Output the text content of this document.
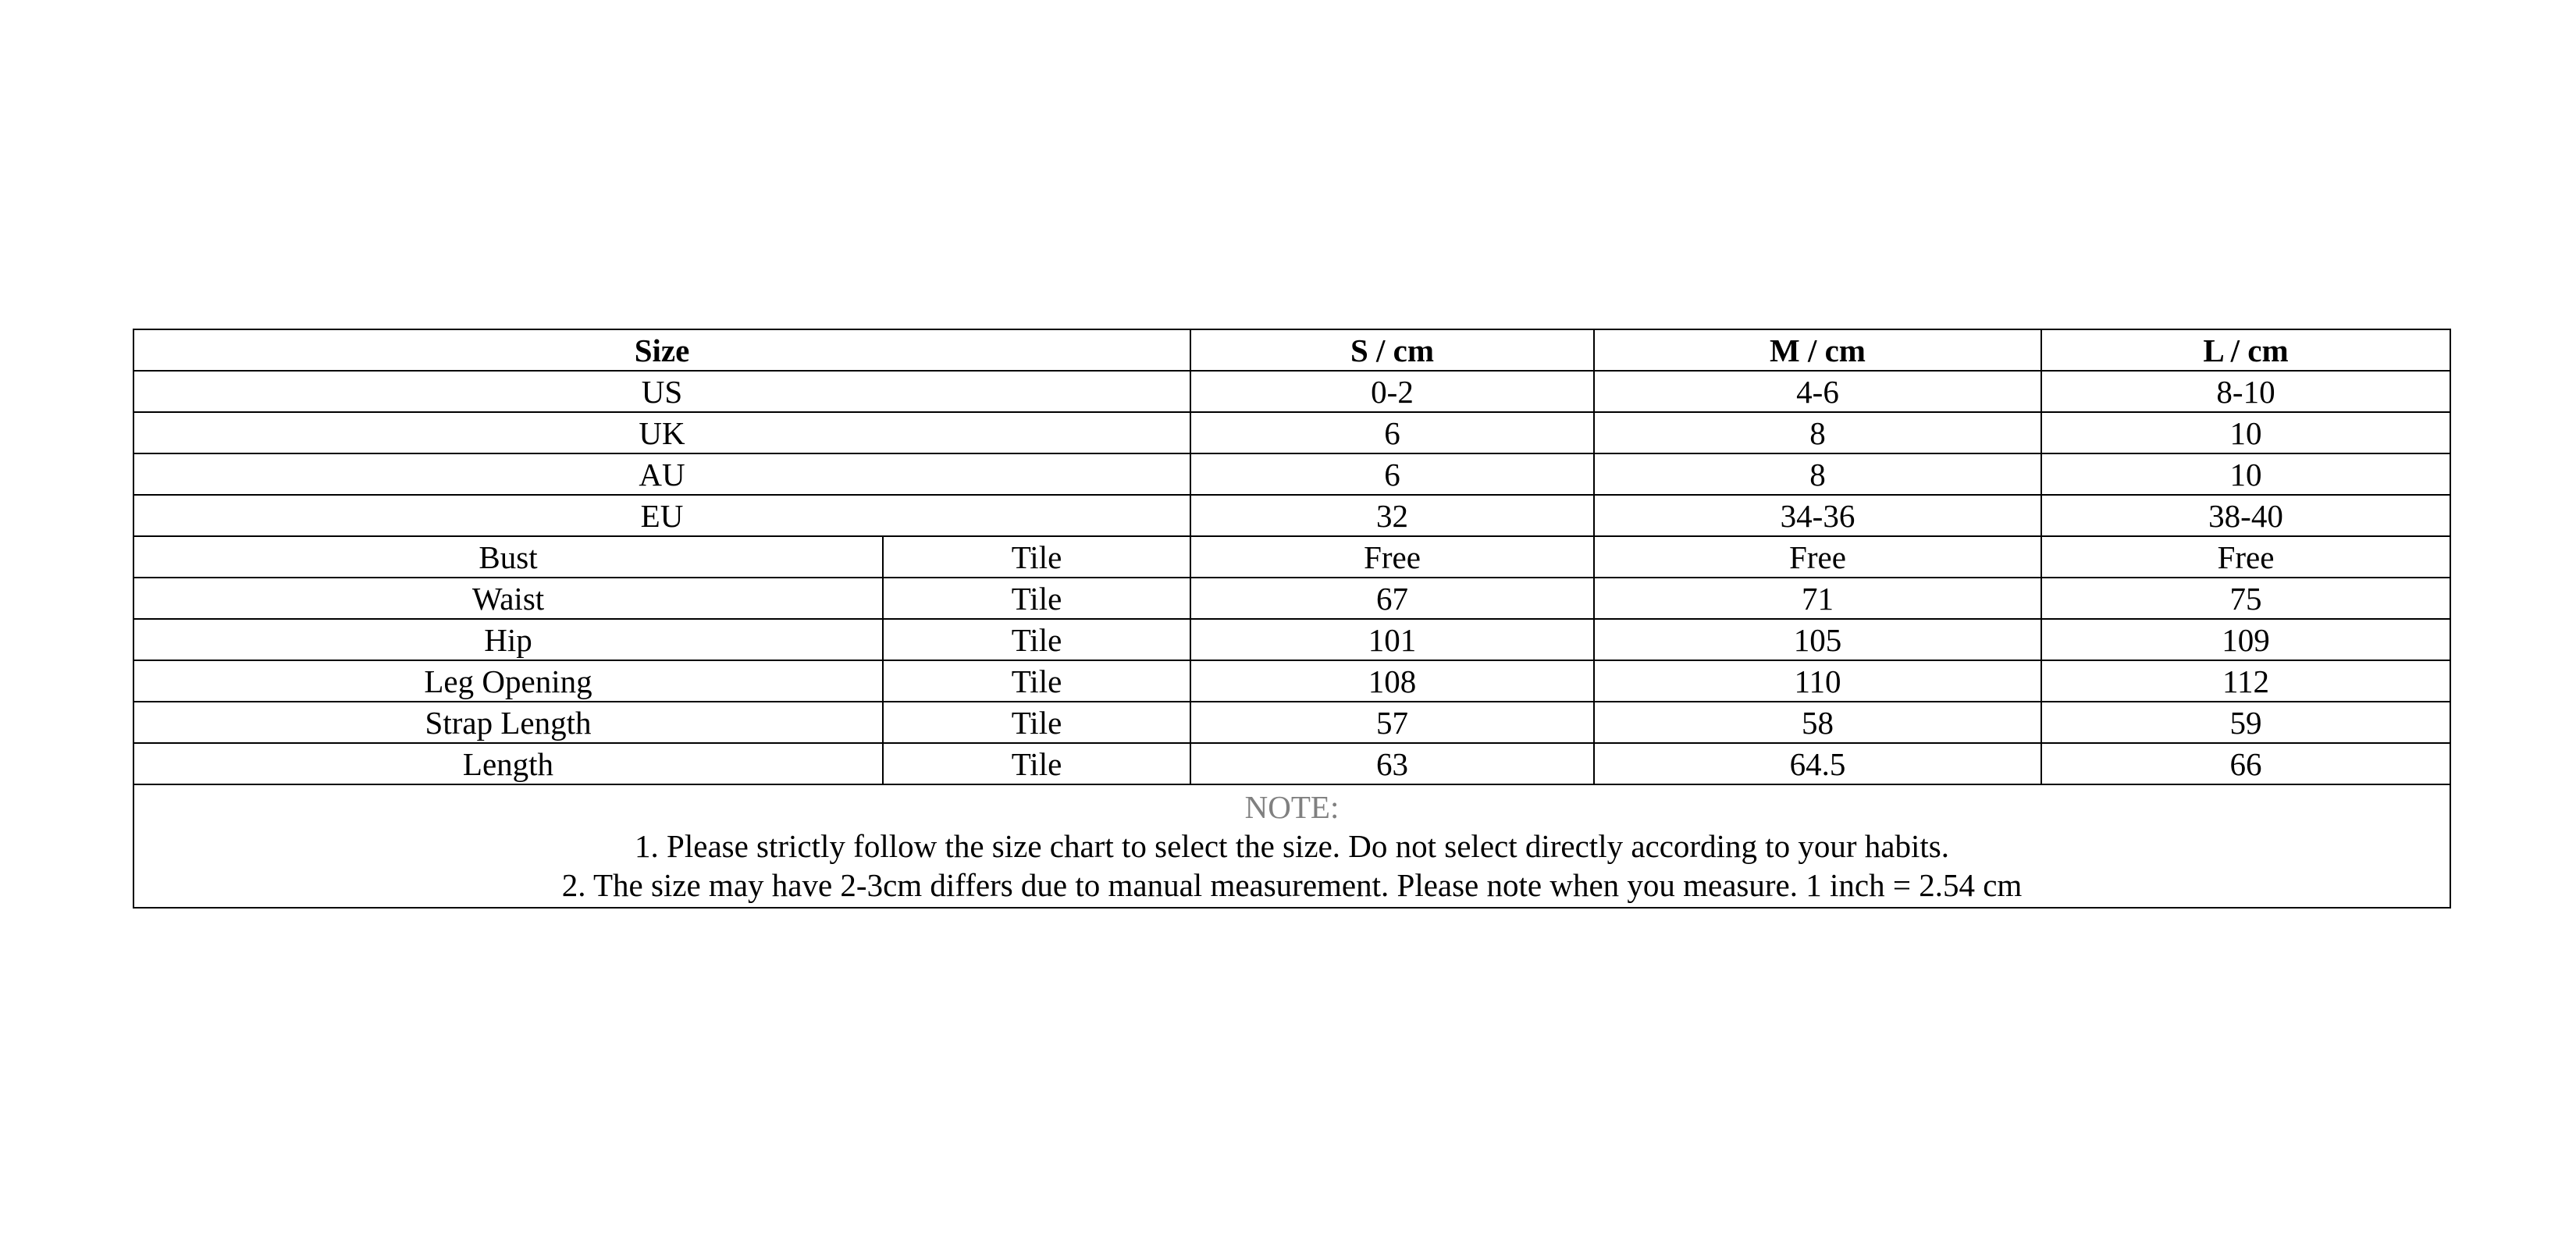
Size		S / cm	M / cm	L / cm
US		0-2	4-6	8-10
UK		6	8	10
AU		6	8	10
EU		32	34-36	38-40
Bust	Tile	Free	Free	Free
Waist	Tile	67	71	75
Hip	Tile	101	105	109
Leg Opening	Tile	108	110	112
Strap Length	Tile	57	58	59
Length	Tile	63	64.5	66

NOTE:
1. Please strictly follow the size chart to select the size. Do not select directly according to your habits.
2. The size may have 2-3cm differs due to manual measurement. Please note when you measure. 1 inch = 2.54 cm				
